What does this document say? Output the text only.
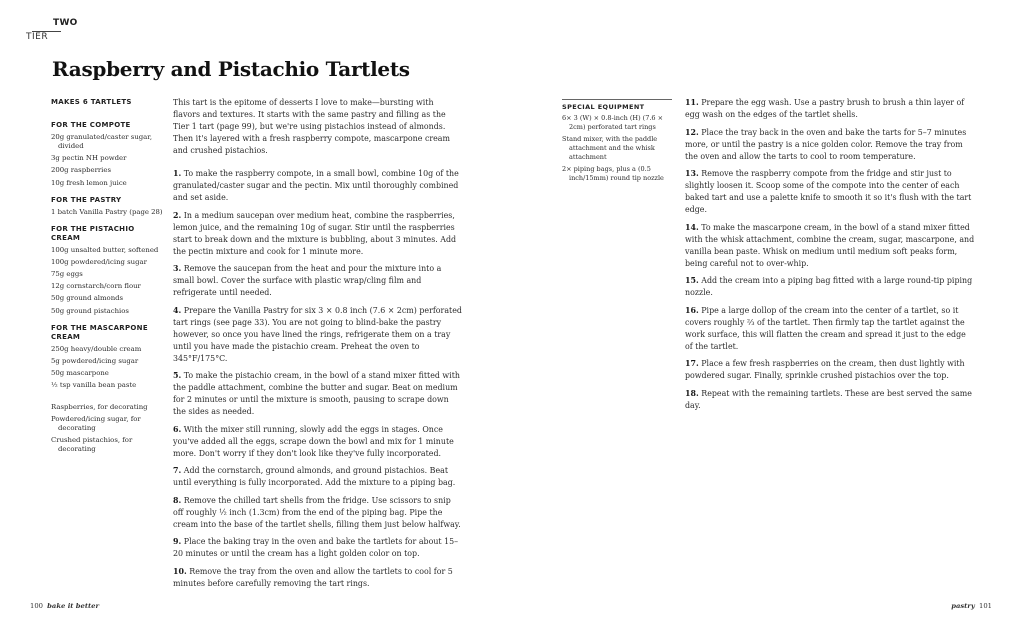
TWO
TIER
Raspberry and Pistachio Tartlets
MAKES 6 TARTLETS
FOR THE COMPOTE
20g granulated/caster sugar, divided
3g pectin NH powder
200g raspberries
10g fresh lemon juice
FOR THE PASTRY
1 batch Vanilla Pastry (page 28)
FOR THE PISTACHIO CREAM
100g unsalted butter, softened
100g powdered/icing sugar
75g eggs
12g cornstarch/corn flour
50g ground almonds
50g ground pistachios
FOR THE MASCARPONE CREAM
250g heavy/double cream
5g powdered/icing sugar
50g mascarpone
½ tsp vanilla bean paste
Raspberries, for decorating
Powdered/icing sugar, for decorating
Crushed pistachios, for decorating

This tart is the epitome of desserts I love to make—bursting with flavors and textures. It starts with the same pastry and filling as the Tier 1 tart (page 99), but we're using pistachios instead of almonds. Then it's layered with a fresh raspberry compote, mascarpone cream and crushed pistachios.

1. To make the raspberry compote, in a small bowl, combine 10g of the granulated/caster sugar and the pectin. Mix until thoroughly combined and set aside.

2. In a medium saucepan over medium heat, combine the raspberries, lemon juice, and the remaining 10g of sugar. Stir until the raspberries start to break down and the mixture is bubbling, about 3 minutes. Add the pectin mixture and cook for 1 minute more.

3. Remove the saucepan from the heat and pour the mixture into a small bowl. Cover the surface with plastic wrap/cling film and refrigerate until needed.

4. Prepare the Vanilla Pastry for six 3 × 0.8 inch (7.6 × 2cm) perforated tart rings (see page 33). You are not going to blind-bake the pastry however, so once you have lined the rings, refrigerate them on a tray until you have made the pistachio cream. Preheat the oven to 345°F/175°C.

5. To make the pistachio cream, in the bowl of a stand mixer fitted with the paddle attachment, combine the butter and sugar. Beat on medium for 2 minutes or until the mixture is smooth, pausing to scrape down the sides as needed.

6. With the mixer still running, slowly add the eggs in stages. Once you've added all the eggs, scrape down the bowl and mix for 1 minute more. Don't worry if they don't look like they've fully incorporated.

7. Add the cornstarch, ground almonds, and ground pistachios. Beat until everything is fully incorporated. Add the mixture to a piping bag.

8. Remove the chilled tart shells from the fridge. Use scissors to snip off roughly ½ inch (1.3cm) from the end of the piping bag. Pipe the cream into the base of the tartlet shells, filling them just below halfway.

9. Place the baking tray in the oven and bake the tartlets for about 15–20 minutes or until the cream has a light golden color on top.

10. Remove the tray from the oven and allow the tartlets to cool for 5 minutes before carefully removing the tart rings.

SPECIAL EQUIPMENT
6× 3 (W) × 0.8-inch (H) (7.6 × 2cm) perforated tart rings
Stand mixer, with the paddle attachment and the whisk attachment
2× piping bags, plus a (0.5 inch/15mm) round tip nozzle

11. Prepare the egg wash. Use a pastry brush to brush a thin layer of egg wash on the edges of the tartlet shells.

12. Place the tray back in the oven and bake the tarts for 5–7 minutes more, or until the pastry is a nice golden color. Remove the tray from the oven and allow the tarts to cool to room temperature.

13. Remove the raspberry compote from the fridge and stir just to slightly loosen it. Scoop some of the compote into the center of each baked tart and use a palette knife to smooth it so it's flush with the tart edge.

14. To make the mascarpone cream, in the bowl of a stand mixer fitted with the whisk attachment, combine the cream, sugar, mascarpone, and vanilla bean paste. Whisk on medium until medium soft peaks form, being careful not to over-whip.

15. Add the cream into a piping bag fitted with a large round-tip piping nozzle.

16. Pipe a large dollop of the cream into the center of a tartlet, so it covers roughly ⅔ of the tartlet. Then firmly tap the tartlet against the work surface, this will flatten the cream and spread it just to the edge of the tartlet.

17. Place a few fresh raspberries on the cream, then dust lightly with powdered sugar. Finally, sprinkle crushed pistachios over the top.

18. Repeat with the remaining tartlets. These are best served the same day.

100 bake it better	pastry 101
